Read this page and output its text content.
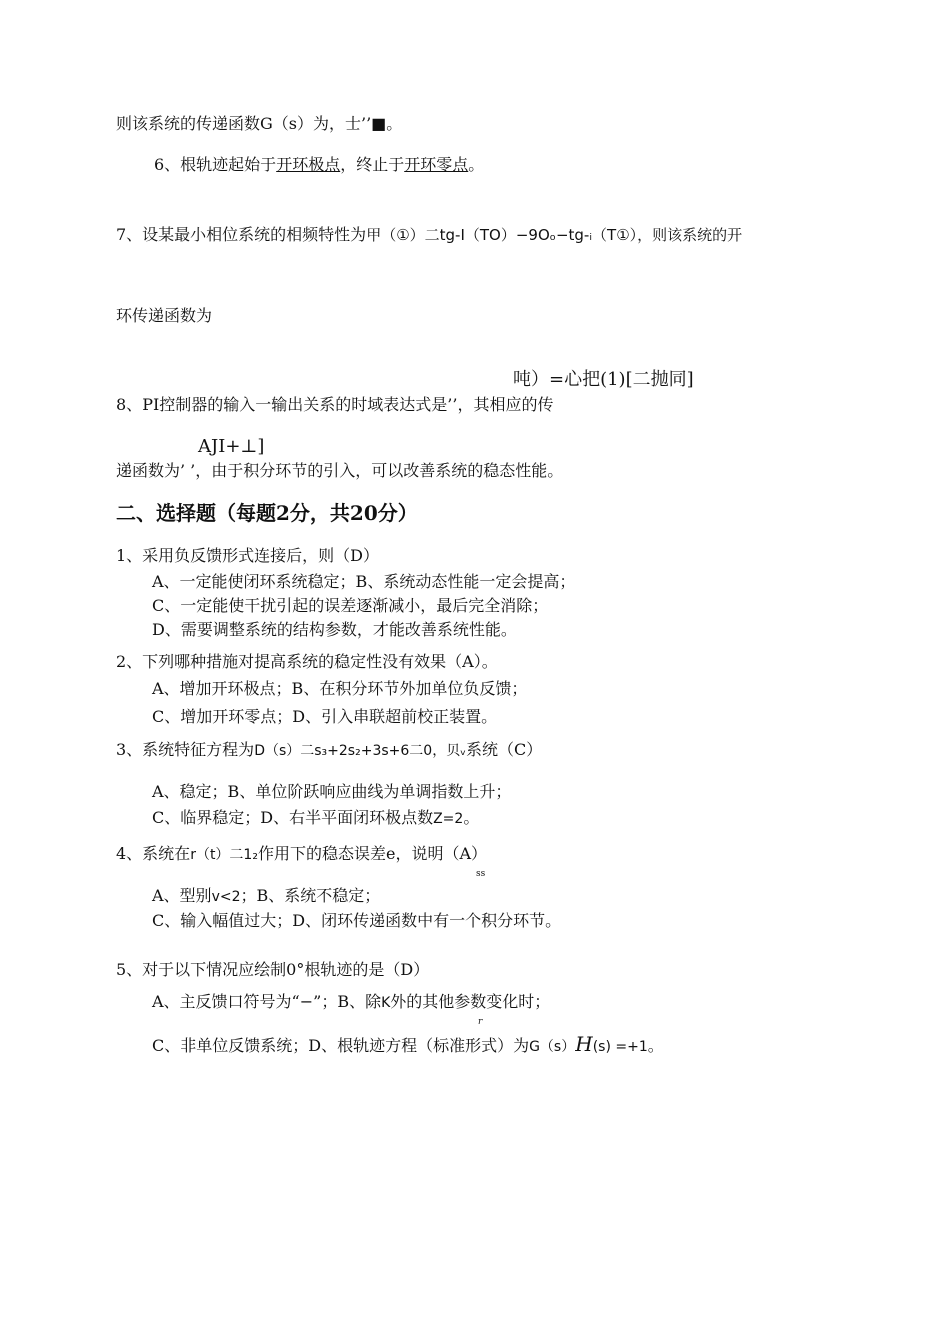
则该系统的传递函数G（s）为，士’’■。
6、根轨迹起始于开环极点，终止于开环零点。
7、设某最小相位系统的相频特性为甲（①）二tg-I（TO）−9Oₒ−tg-ᵢ（T①），则该系统的开
环传递函数为
吨）=心把(1)[二抛同]
8、PI控制器的输入一输出关系的时域表达式是’’，其相应的传
AJI+⊥]
递函数为’ ’，由于积分环节的引入，可以改善系统的稳态性能。
二、选择题（每题2分，共20分）
1、采用负反馈形式连接后，则（D）
A、一定能使闭环系统稳定；B、系统动态性能一定会提高；
C、一定能使干扰引起的误差逐渐减小，最后完全消除；
D、需要调整系统的结构参数，才能改善系统性能。
2、下列哪种措施对提高系统的稳定性没有效果（A）。
A、增加开环极点；B、在积分环节外加单位负反馈；
C、增加开环零点；D、引入串联超前校正装置。
3、系统特征方程为D（s）二s₃+2s₂+3s+6二0，贝ᵥ系统（C）
A、稳定；B、单位阶跃响应曲线为单调指数上升；
C、临界稳定；D、右半平面闭环极点数Z=2。
4、系统在r（t）二1₂作用下的稳态误差e，说明（A）
ss
A、型别v<2；B、系统不稳定；
C、输入幅值过大；D、闭环传递函数中有一个积分环节。
5、对于以下情况应绘制0°根轨迹的是（D）
A、主反馈口符号为“−”；B、除K外的其他参数变化时；
r
C、非单位反馈系统；D、根轨迹方程（标准形式）为G（s）H(s) =+1。
